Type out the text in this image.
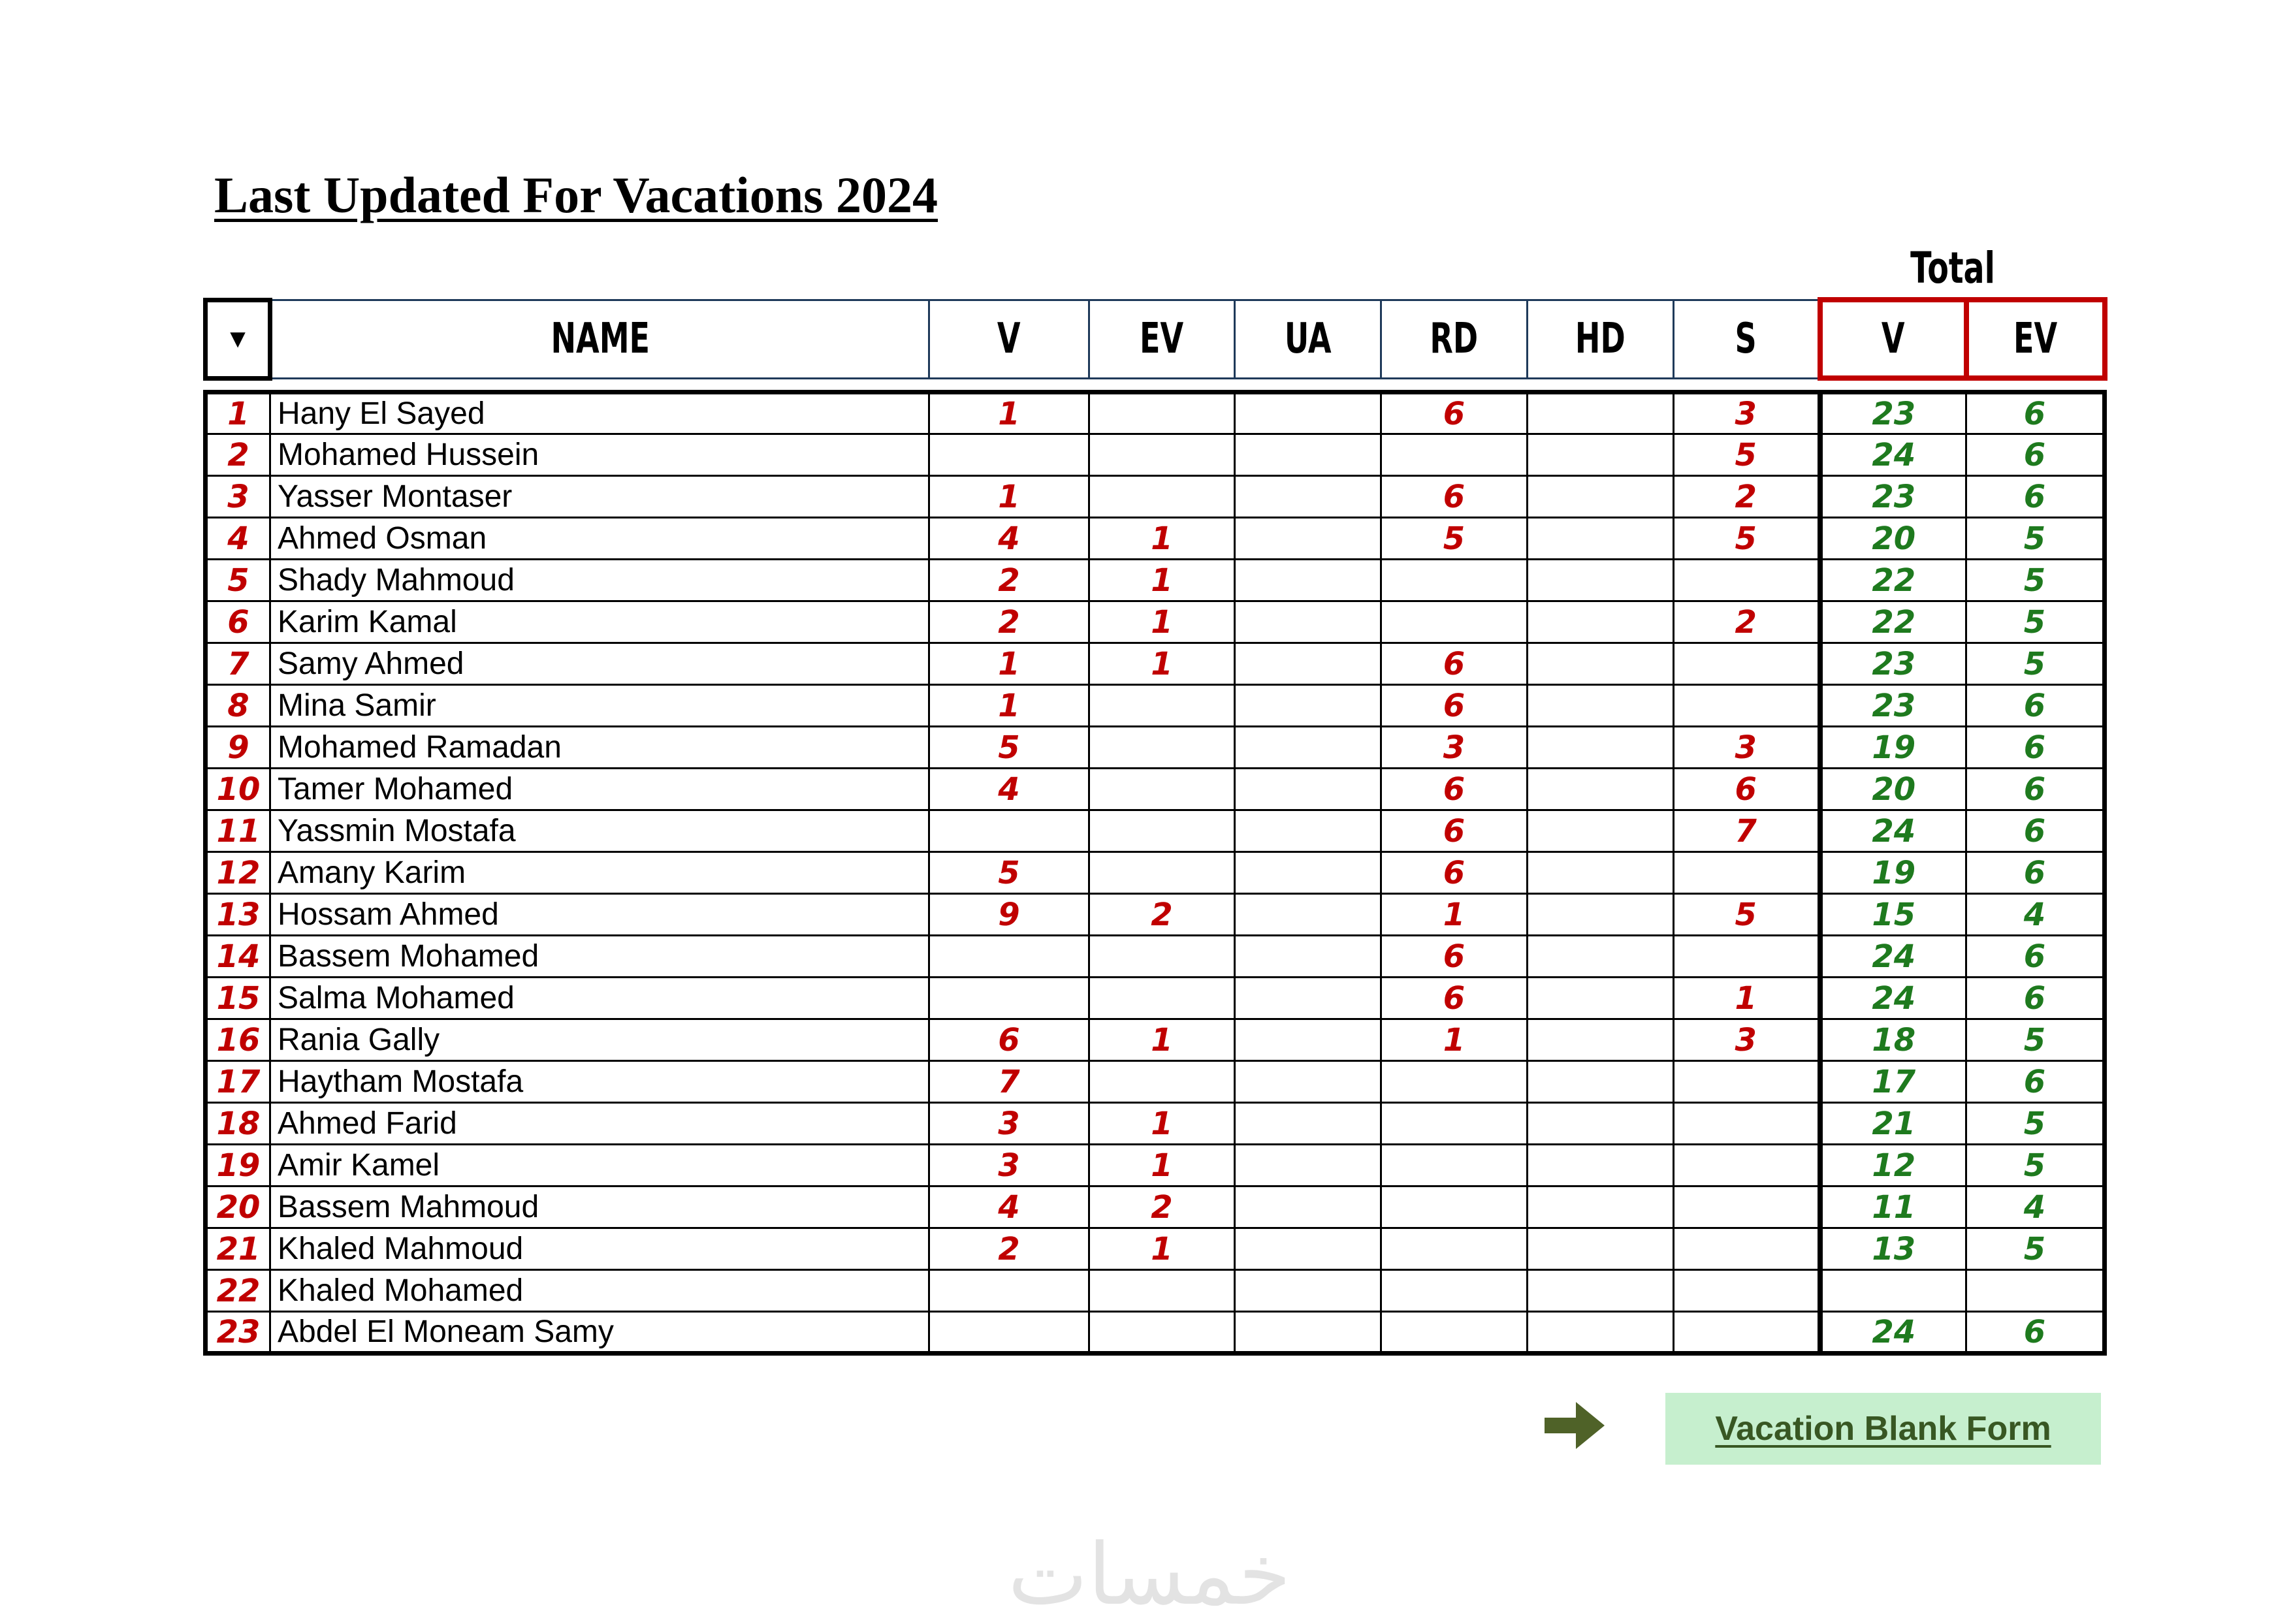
Last Updated For Vacations 2024
Total
▼	NAME	V	EV	UA	RD	HD	S	V	EV
1	Hany El Sayed	1			6		3	23	6
2	Mohamed Hussein						5	24	6
3	Yasser Montaser	1			6		2	23	6
4	Ahmed Osman	4	1		5		5	20	5
5	Shady Mahmoud	2	1					22	5
6	Karim Kamal	2	1				2	22	5
7	Samy Ahmed	1	1		6			23	5
8	Mina Samir	1			6			23	6
9	Mohamed Ramadan	5			3		3	19	6
10	Tamer Mohamed	4			6		6	20	6
11	Yassmin Mostafa				6		7	24	6
12	Amany Karim	5			6			19	6
13	Hossam Ahmed	9	2		1		5	15	4
14	Bassem Mohamed				6			24	6
15	Salma Mohamed				6		1	24	6
16	Rania Gally	6	1		1		3	18	5
17	Haytham Mostafa	7						17	6
18	Ahmed Farid	3	1					21	5
19	Amir Kamel	3	1					12	5
20	Bassem Mahmoud	4	2					11	4
21	Khaled Mahmoud	2	1					13	5
22	Khaled Mohamed								
23	Abdel El Moneam Samy							24	6
Vacation Blank Form
خمسات
